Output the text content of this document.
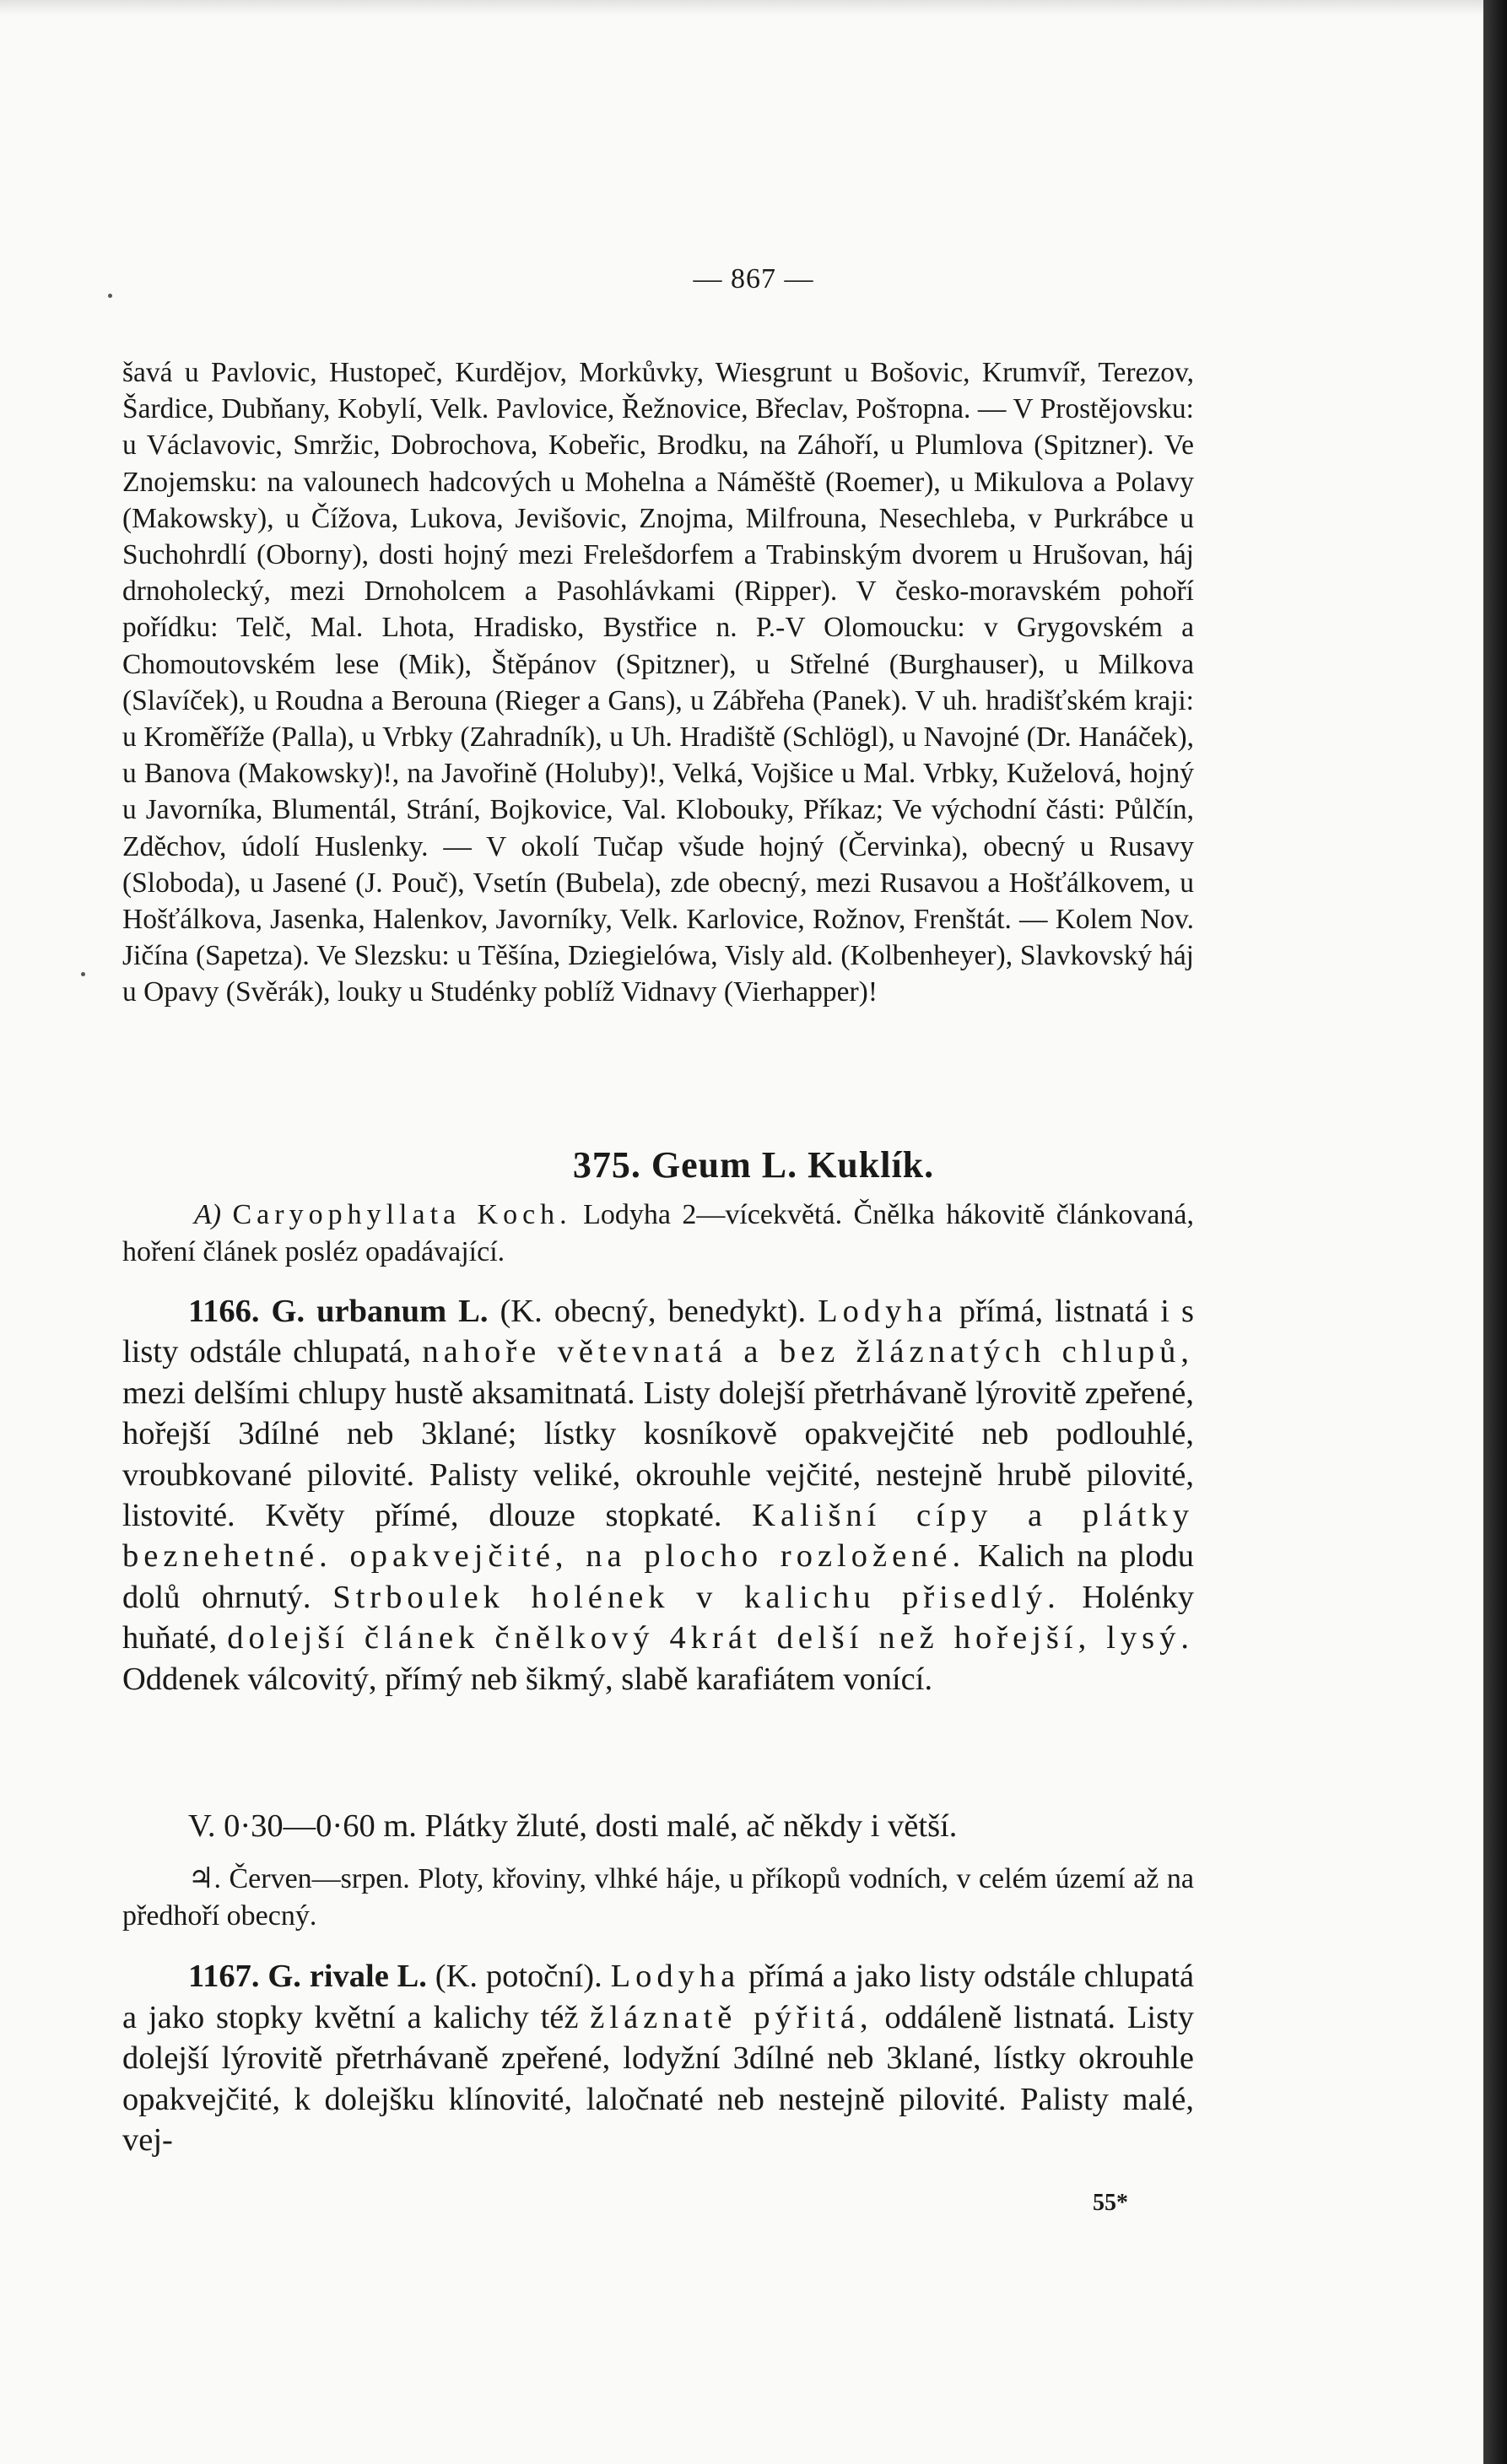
— 867 —

šavá u Pavlovic, Hustopeč, Kurdějov, Morkůvky, Wiesgrunt u Bošovic, Krumvíř, Terezov, Šardice, Dubňany, Kobylí, Velk. Pavlovice, Řežnovice, Břeclav, Pošторna. — V Prostějovsku: u Václavovic, Smržic, Dobrochova, Kobeřic, Brodku, na Záhoří, u Plumlova (Spitzner). Ve Znojemsku: na valounech hadcových u Mohelna a Náměště (Roemer), u Mikulova a Polavy (Makowsky), u Čížova, Lukova, Jevišovic, Znojma, Milfrouna, Nesechleba, v Purkrábce u Suchohrdlí (Oborny), dosti hojný mezi Frelešdorfem a Trabinským dvorem u Hrušovan, háj drnoholecký, mezi Drnoholcem a Pasohlávkami (Ripper). V česko-moravském pohoří pořídku: Telč, Mal. Lhota, Hradisko, Bystřice n. P.-V Olomoucku: v Grygovském a Chomoutovském lese (Mik), Štěpánov (Spitzner), u Střelné (Burghauser), u Milkova (Slavíček), u Roudna a Berouna (Rieger a Gans), u Zábřeha (Panek). V uh. hradišťském kraji: u Kroměříže (Palla), u Vrbky (Zahradník), u Uh. Hradiště (Schlögl), u Navojné (Dr. Hanáček), u Banova (Makowsky)!, na Javořině (Holuby)!, Velká, Vojšice u Mal. Vrbky, Kuželová, hojný u Javorníka, Blumentál, Strání, Bojkovice, Val. Klobouky, Příkaz; Ve východní části: Půlčín, Zděchov, údolí Huslenky. — V okolí Tučap všude hojný (Červinka), obecný u Rusavy (Sloboda), u Jasené (J. Pouč), Vsetín (Bubela), zde obecný, mezi Rusavou a Hošťálkovem, u Hošťálkova, Jasenka, Halenkov, Javorníky, Velk. Karlovice, Rožnov, Frenštát. — Kolem Nov. Jičína (Sapetza). Ve Slezsku: u Těšína, Dziegielówa, Visly ald. (Kolbenheyer), Slavkovský háj u Opavy (Svěrák), louky u Studénky poblíž Vidnavy (Vierhapper)!

375. Geum L. Kuklík.

A) Caryophyllata Koch. Lodyha 2—vícekvětá. Čnělka hákovitě článkovaná, hoření článek posléz opadávající.

1166. G. urbanum L. (K. obecný, benedykt). Lodyha přímá, listnatá i s listy odstále chlupatá, nahoře větevnatá a bez žláznatých chlupů, mezi delšími chlupy hustě aksamitnatá. Listy dolejší přetrhávaně lýrovitě zpeřené, hořejší 3dílné neb 3klané; lístky kosníkově opakvejčité neb podlouhlé, vroubkované pilovité. Palisty veliké, okrouhle vejčité, nestejně hrubě pilovité, listovité. Květy přímé, dlouze stopkaté. Kališní cípy a plátky beznehetné. opakvejčité, na plocho rozložené. Kalich na plodu dolů ohrnutý. Strboulek holének v kalichu přisedlý. Holénky huňaté, dolejší článek čnělkový 4krát delší než hořejší, lysý. Oddenek válcovitý, přímý neb šikmý, slabě karafiátem vonící.

V. 0·30—0·60 m. Plátky žluté, dosti malé, ač někdy i větší.
♃. Červen—srpen. Ploty, křoviny, vlhké háje, u příkopů vodních, v celém území až na předhoří obecný.

1167. G. rivale L. (K. potoční). Lodyha přímá a jako listy odstále chlupatá a jako stopky květní a kalichy též žláznatě pýřitá, oddáleně listnatá. Listy dolejší lýrovitě přetrhávaně zpeřené, lodyžní 3dílné neb 3klané, lístky okrouhle opakvejčité, k dolejšku klínovité, laločnaté neb nestejně pilovité. Palisty malé, vej-

55*
